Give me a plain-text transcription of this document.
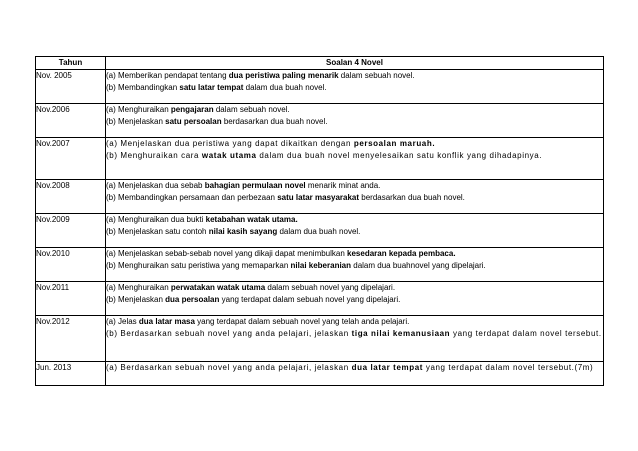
Tahun	Soalan 4 Novel
Nov. 2005	(a) Memberikan pendapat tentang dua peristiwa paling menarik dalam sebuah novel.
(b) Membandingkan satu latar tempat dalam dua buah novel.

Nov.2006	(a) Menghuraikan pengajaran dalam sebuah novel.
(b) Menjelaskan satu persoalan berdasarkan dua buah novel.

Nov.2007	(a) Menjelaskan dua peristiwa yang dapat dikaitkan dengan persoalan maruah.
(b) Menghuraikan cara watak utama dalam dua buah novel menyelesaikan satu konflik yang dihadapinya.

Nov.2008	(a) Menjelaskan dua sebab bahagian permulaan novel menarik minat anda.
(b) Membandingkan persamaan dan perbezaan satu latar masyarakat berdasarkan dua buah novel.

Nov.2009	(a) Menghuraikan dua bukti ketabahan watak utama.
(b) Menjelaskan satu contoh nilai kasih sayang dalam dua buah novel.

Nov.2010	(a) Menjelaskan sebab-sebab novel yang dikaji dapat menimbulkan kesedaran kepada pembaca.
(b) Menghuraikan satu peristiwa yang memaparkan nilai keberanian dalam dua buahnovel yang dipelajari.

Nov.2011	(a) Menghuraikan perwatakan watak utama dalam sebuah novel yang dipelajari.
(b) Menjelaskan dua persoalan yang terdapat dalam sebuah novel yang dipelajari.

Nov.2012	(a) Jelas dua latar masa yang terdapat dalam sebuah novel yang telah anda pelajari.
(b) Berdasarkan sebuah novel yang anda pelajari, jelaskan tiga nilai kemanusiaan yang terdapat dalam novel tersebut.

Jun. 2013	(a) Berdasarkan sebuah novel yang anda pelajari, jelaskan dua latar tempat yang terdapat dalam novel tersebut.(7m)
